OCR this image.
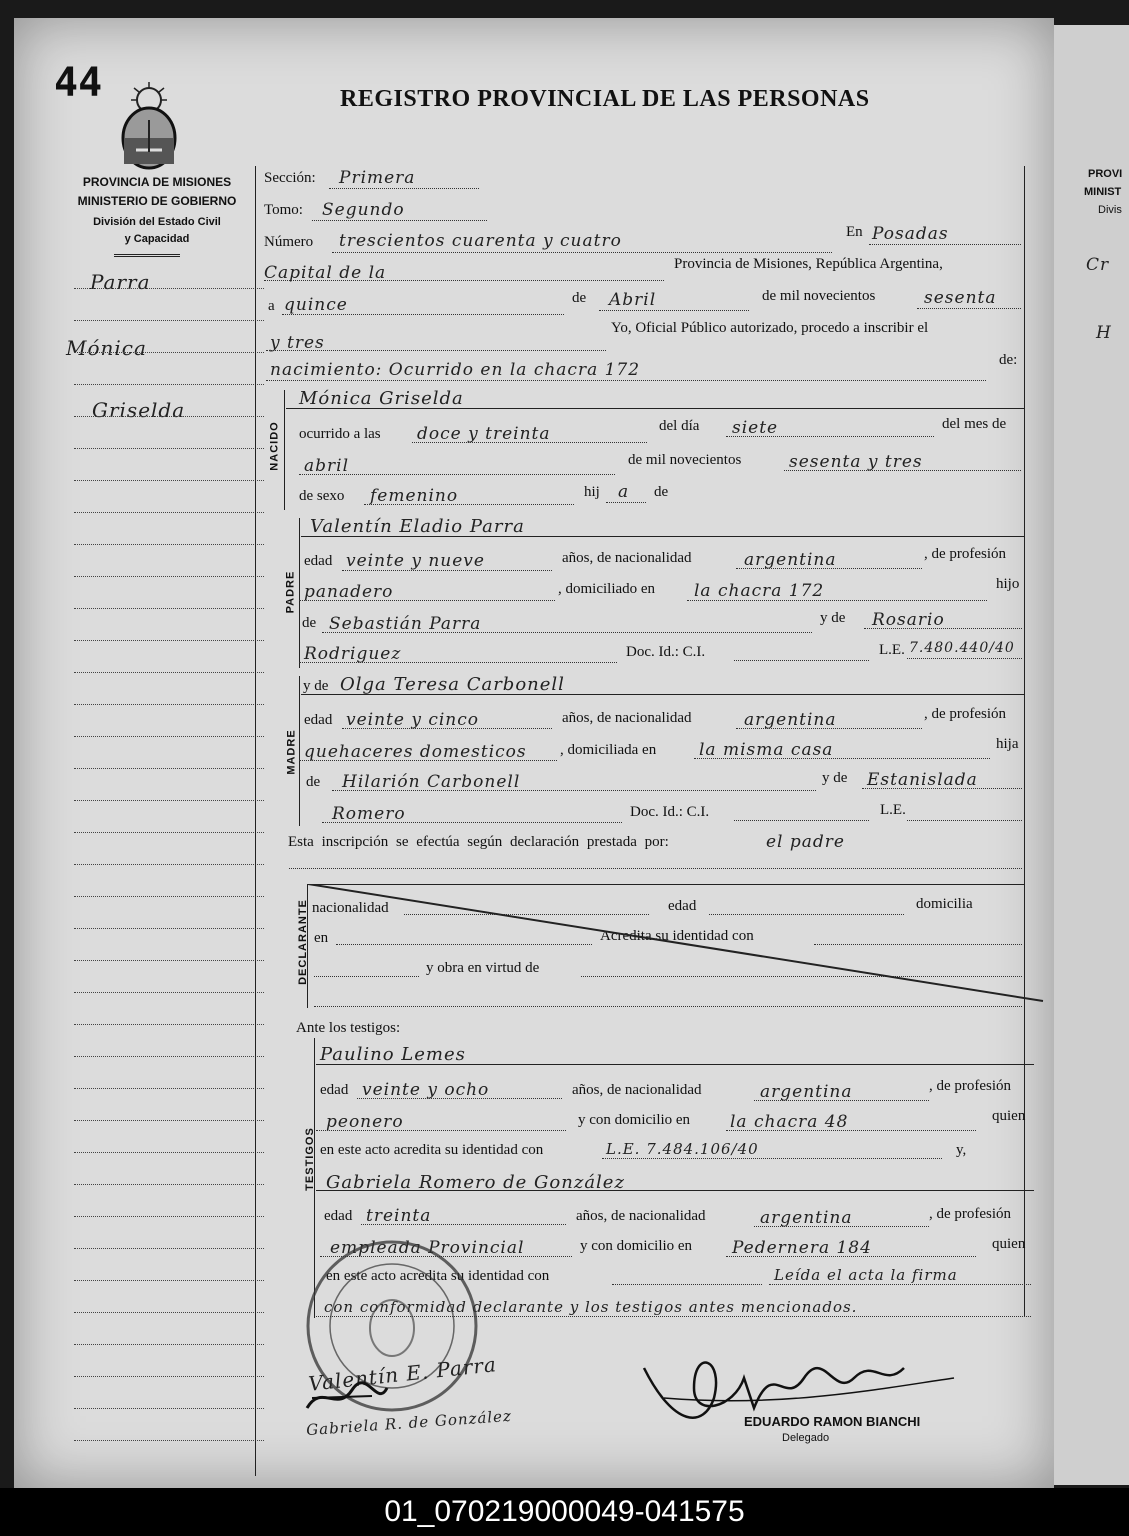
PROVI
MINIST
Divis
Cr
H
44	REGISTRO PROVINCIAL DE LAS PERSONAS
PROVINCIA DE MISIONES
MINISTERIO DE GOBIERNO
División del Estado Civil
y Capacidad
Parra
Mónica
Griselda
Sección: Primera
Tomo: Segundo
Número trescientos cuarenta y cuatro	En Posadas
Capital de la	Provincia de Misiones, República Argentina,
a quince	de Abril	de mil novecientos	sesenta
y tres
Yo, Oficial Público autorizado, procedo a inscribir el
nacimiento: Ocurrido en la chacra 172	de:
NACIDO
Mónica Griselda
ocurrido a las doce y treinta	del día siete	del mes de
abril	de mil novecientos	sesenta y tres
de sexo femenino	hij a de
PADRE
Valentín Eladio Parra
edad veinte y nueve	años, de nacionalidad	argentina	, de profesión
panadero	, domiciliado en la chacra 172	hijo
de Sebastián Parra	y de Rosario
Rodriguez	Doc. Id.: C.I.	L.E. 7.480.440/40
MADRE
y de Olga Teresa Carbonell
edad veinte y cinco	años, de nacionalidad	argentina	, de profesión
quehaceres domesticos , domiciliada en	la misma casa	hija
de Hilarión Carbonell	y de Estanislada
Romero	Doc. Id.: C.I.	L.E.
Esta inscripción se efectúa según declaración prestada por:	el padre
DECLARANTE nacionalidad	edad	domicilia
en	Acredita su identidad con
y obra en virtud de
Ante los testigos:
TESTIGOS
Paulino Lemes
edad veinte y ocho	años, de nacionalidad	argentina	, de profesión
peonero	y con domicilio en la chacra 48	quien
en este acto acredita su identidad con	L.E. 7.484.106/40	y,
Gabriela Romero de González
edad treinta	años, de nacionalidad	argentina	, de profesión
empleada Provincial	y con domicilio en Pedernera 184	quien
en este acto acredita su identidad con	Leída el acta la firma
con conformidad declarante y los testigos antes mencionados.
Valentín E. Parra
Gabriela R. de González	EDUARDO RAMON BIANCHI
Delegado
01_070219000049-041575
